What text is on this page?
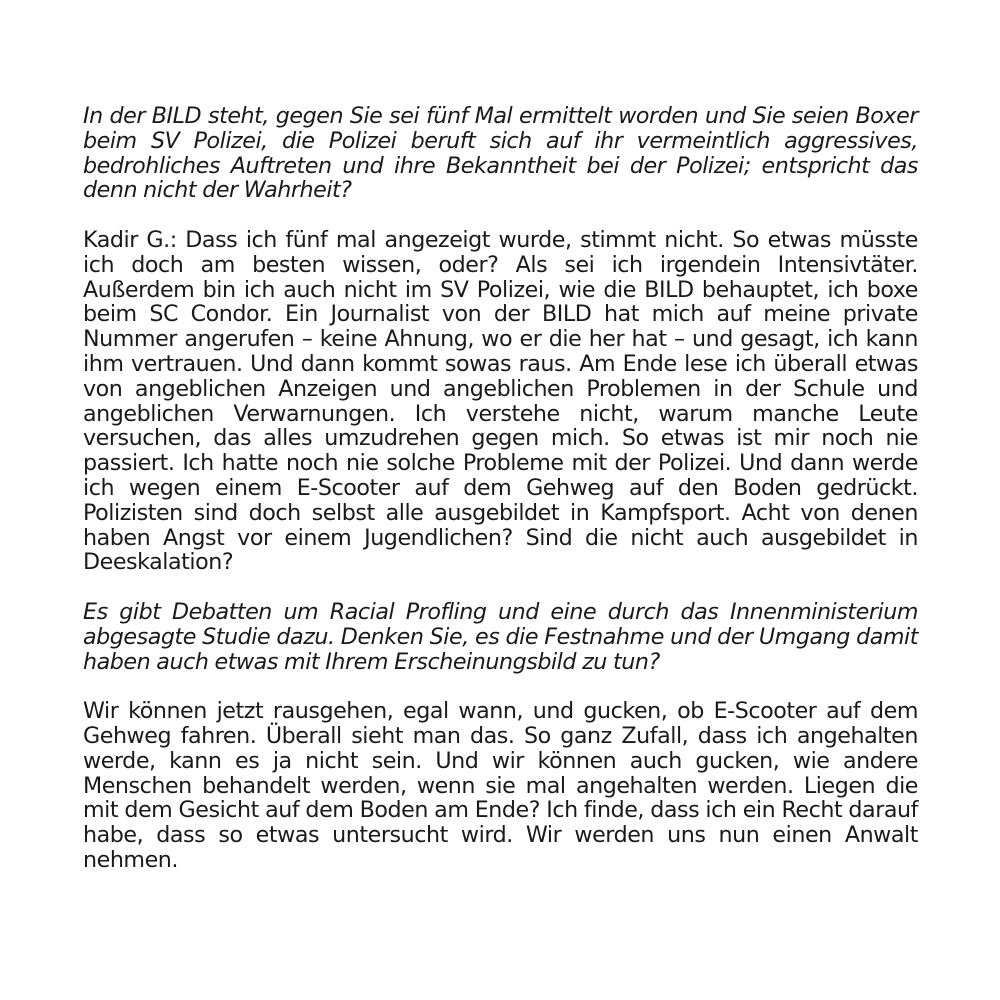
In der BILD steht, gegen Sie sei fünf Mal ermittelt worden und Sie seien Boxer beim SV Polizei, die Polizei beruft sich auf ihr vermeintlich aggressives, bedrohliches Auftreten und ihre Bekanntheit bei der Polizei; entspricht das denn nicht der Wahrheit?

Kadir G.: Dass ich fünf mal angezeigt wurde, stimmt nicht. So etwas müsste ich doch am besten wissen, oder? Als sei ich irgendein Intensivtäter. Außerdem bin ich auch nicht im SV Polizei, wie die BILD behauptet, ich boxe beim SC Condor. Ein Journalist von der BILD hat mich auf meine private Nummer angerufen – keine Ahnung, wo er die her hat – und gesagt, ich kann ihm vertrauen. Und dann kommt sowas raus. Am Ende lese ich überall etwas von angeblichen Anzeigen und angeblichen Problemen in der Schule und angeblichen Verwarnungen. Ich verstehe nicht, warum manche Leute versuchen, das alles umzudrehen gegen mich. So etwas ist mir noch nie passiert. Ich hatte noch nie solche Probleme mit der Polizei. Und dann werde ich wegen einem E-Scooter auf dem Gehweg auf den Boden gedrückt. Polizisten sind doch selbst alle ausgebildet in Kampfsport. Acht von denen haben Angst vor einem Jugendlichen? Sind die nicht auch ausgebildet in Deeskalation?

Es gibt Debatten um Racial Profling und eine durch das Innenministerium abgesagte Studie dazu. Denken Sie, es die Festnahme und der Umgang damit haben auch etwas mit Ihrem Erscheinungsbild zu tun?

Wir können jetzt rausgehen, egal wann, und gucken, ob E-Scooter auf dem Gehweg fahren. Überall sieht man das. So ganz Zufall, dass ich angehalten werde, kann es ja nicht sein. Und wir können auch gucken, wie andere Menschen behandelt werden, wenn sie mal angehalten werden. Liegen die mit dem Gesicht auf dem Boden am Ende? Ich finde, dass ich ein Recht darauf habe, dass so etwas untersucht wird. Wir werden uns nun einen Anwalt nehmen.
